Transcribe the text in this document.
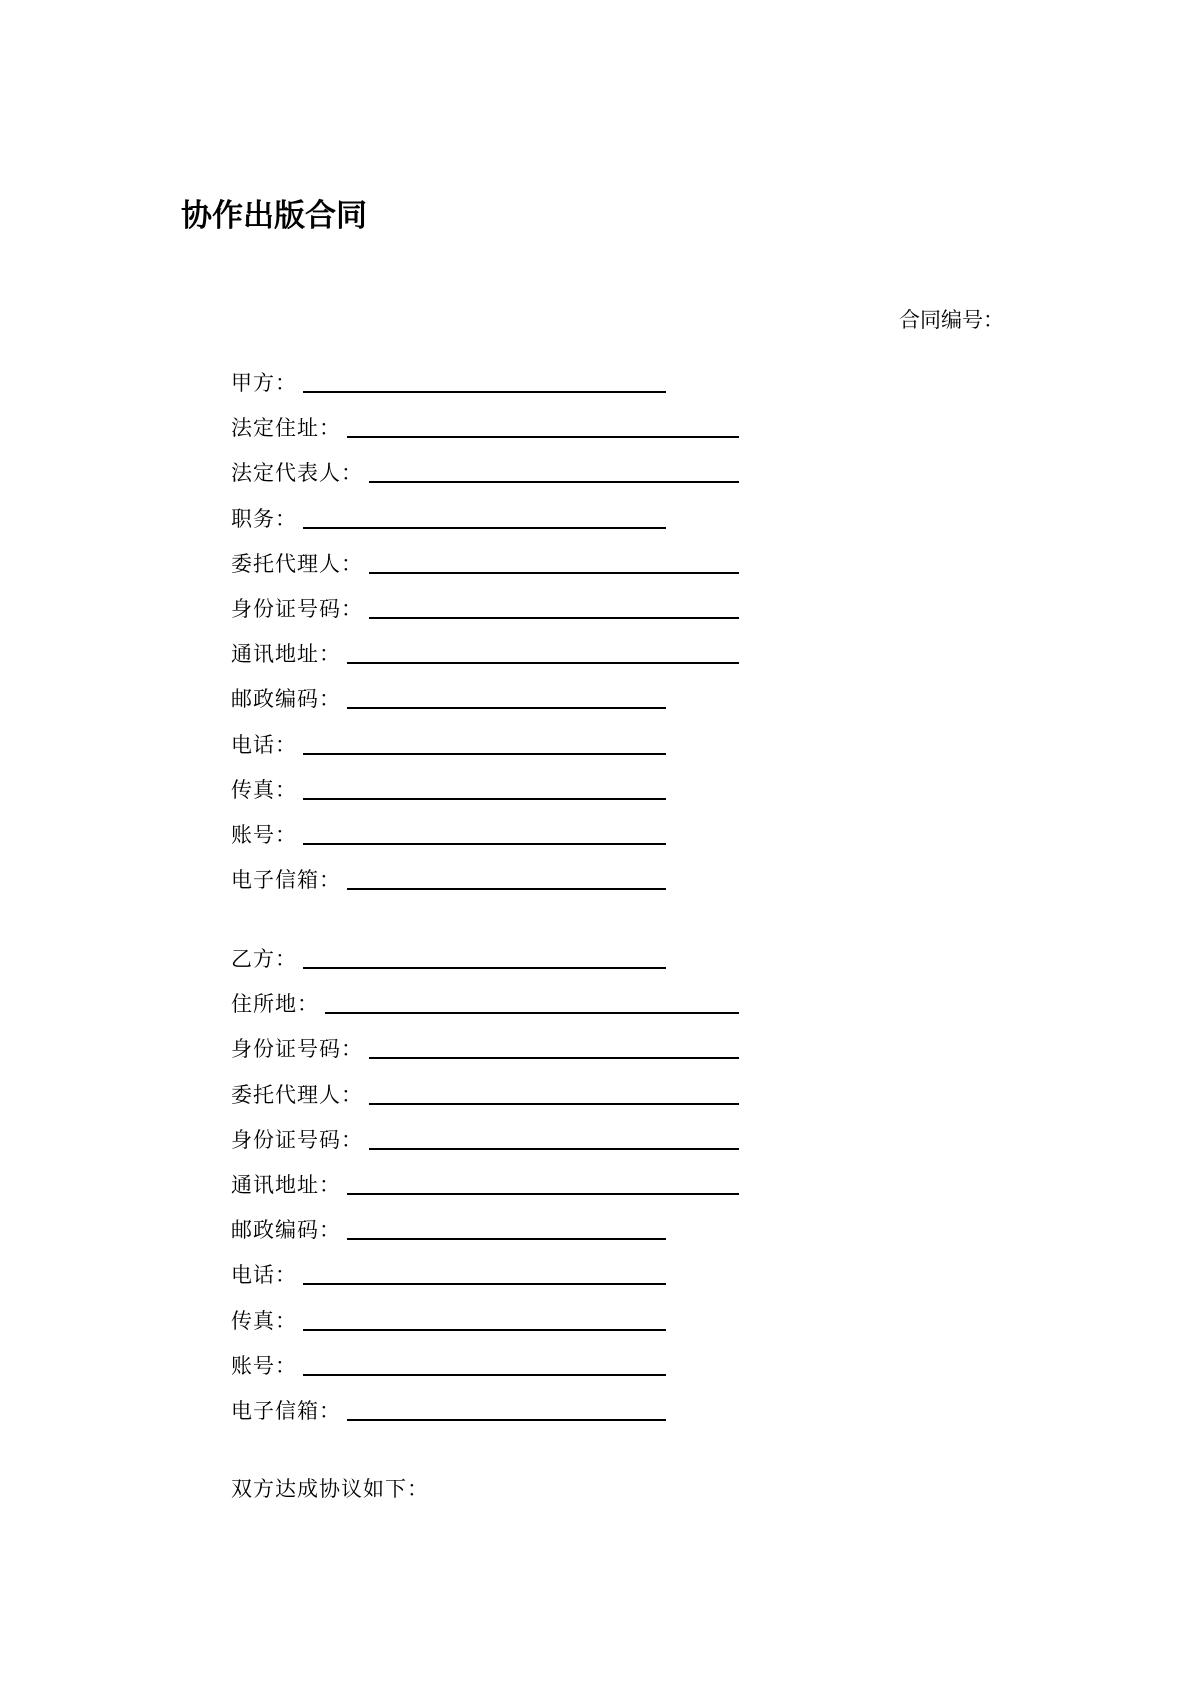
协作出版合同
合同编号：
甲方：
法定住址：
法定代表人：
职务：
委托代理人：
身份证号码：
通讯地址：
邮政编码：
电话：
传真：
账号：
电子信箱：
乙方：
住所地：
身份证号码：
委托代理人：
身份证号码：
通讯地址：
邮政编码：
电话：
传真：
账号：
电子信箱：
双方达成协议如下：
